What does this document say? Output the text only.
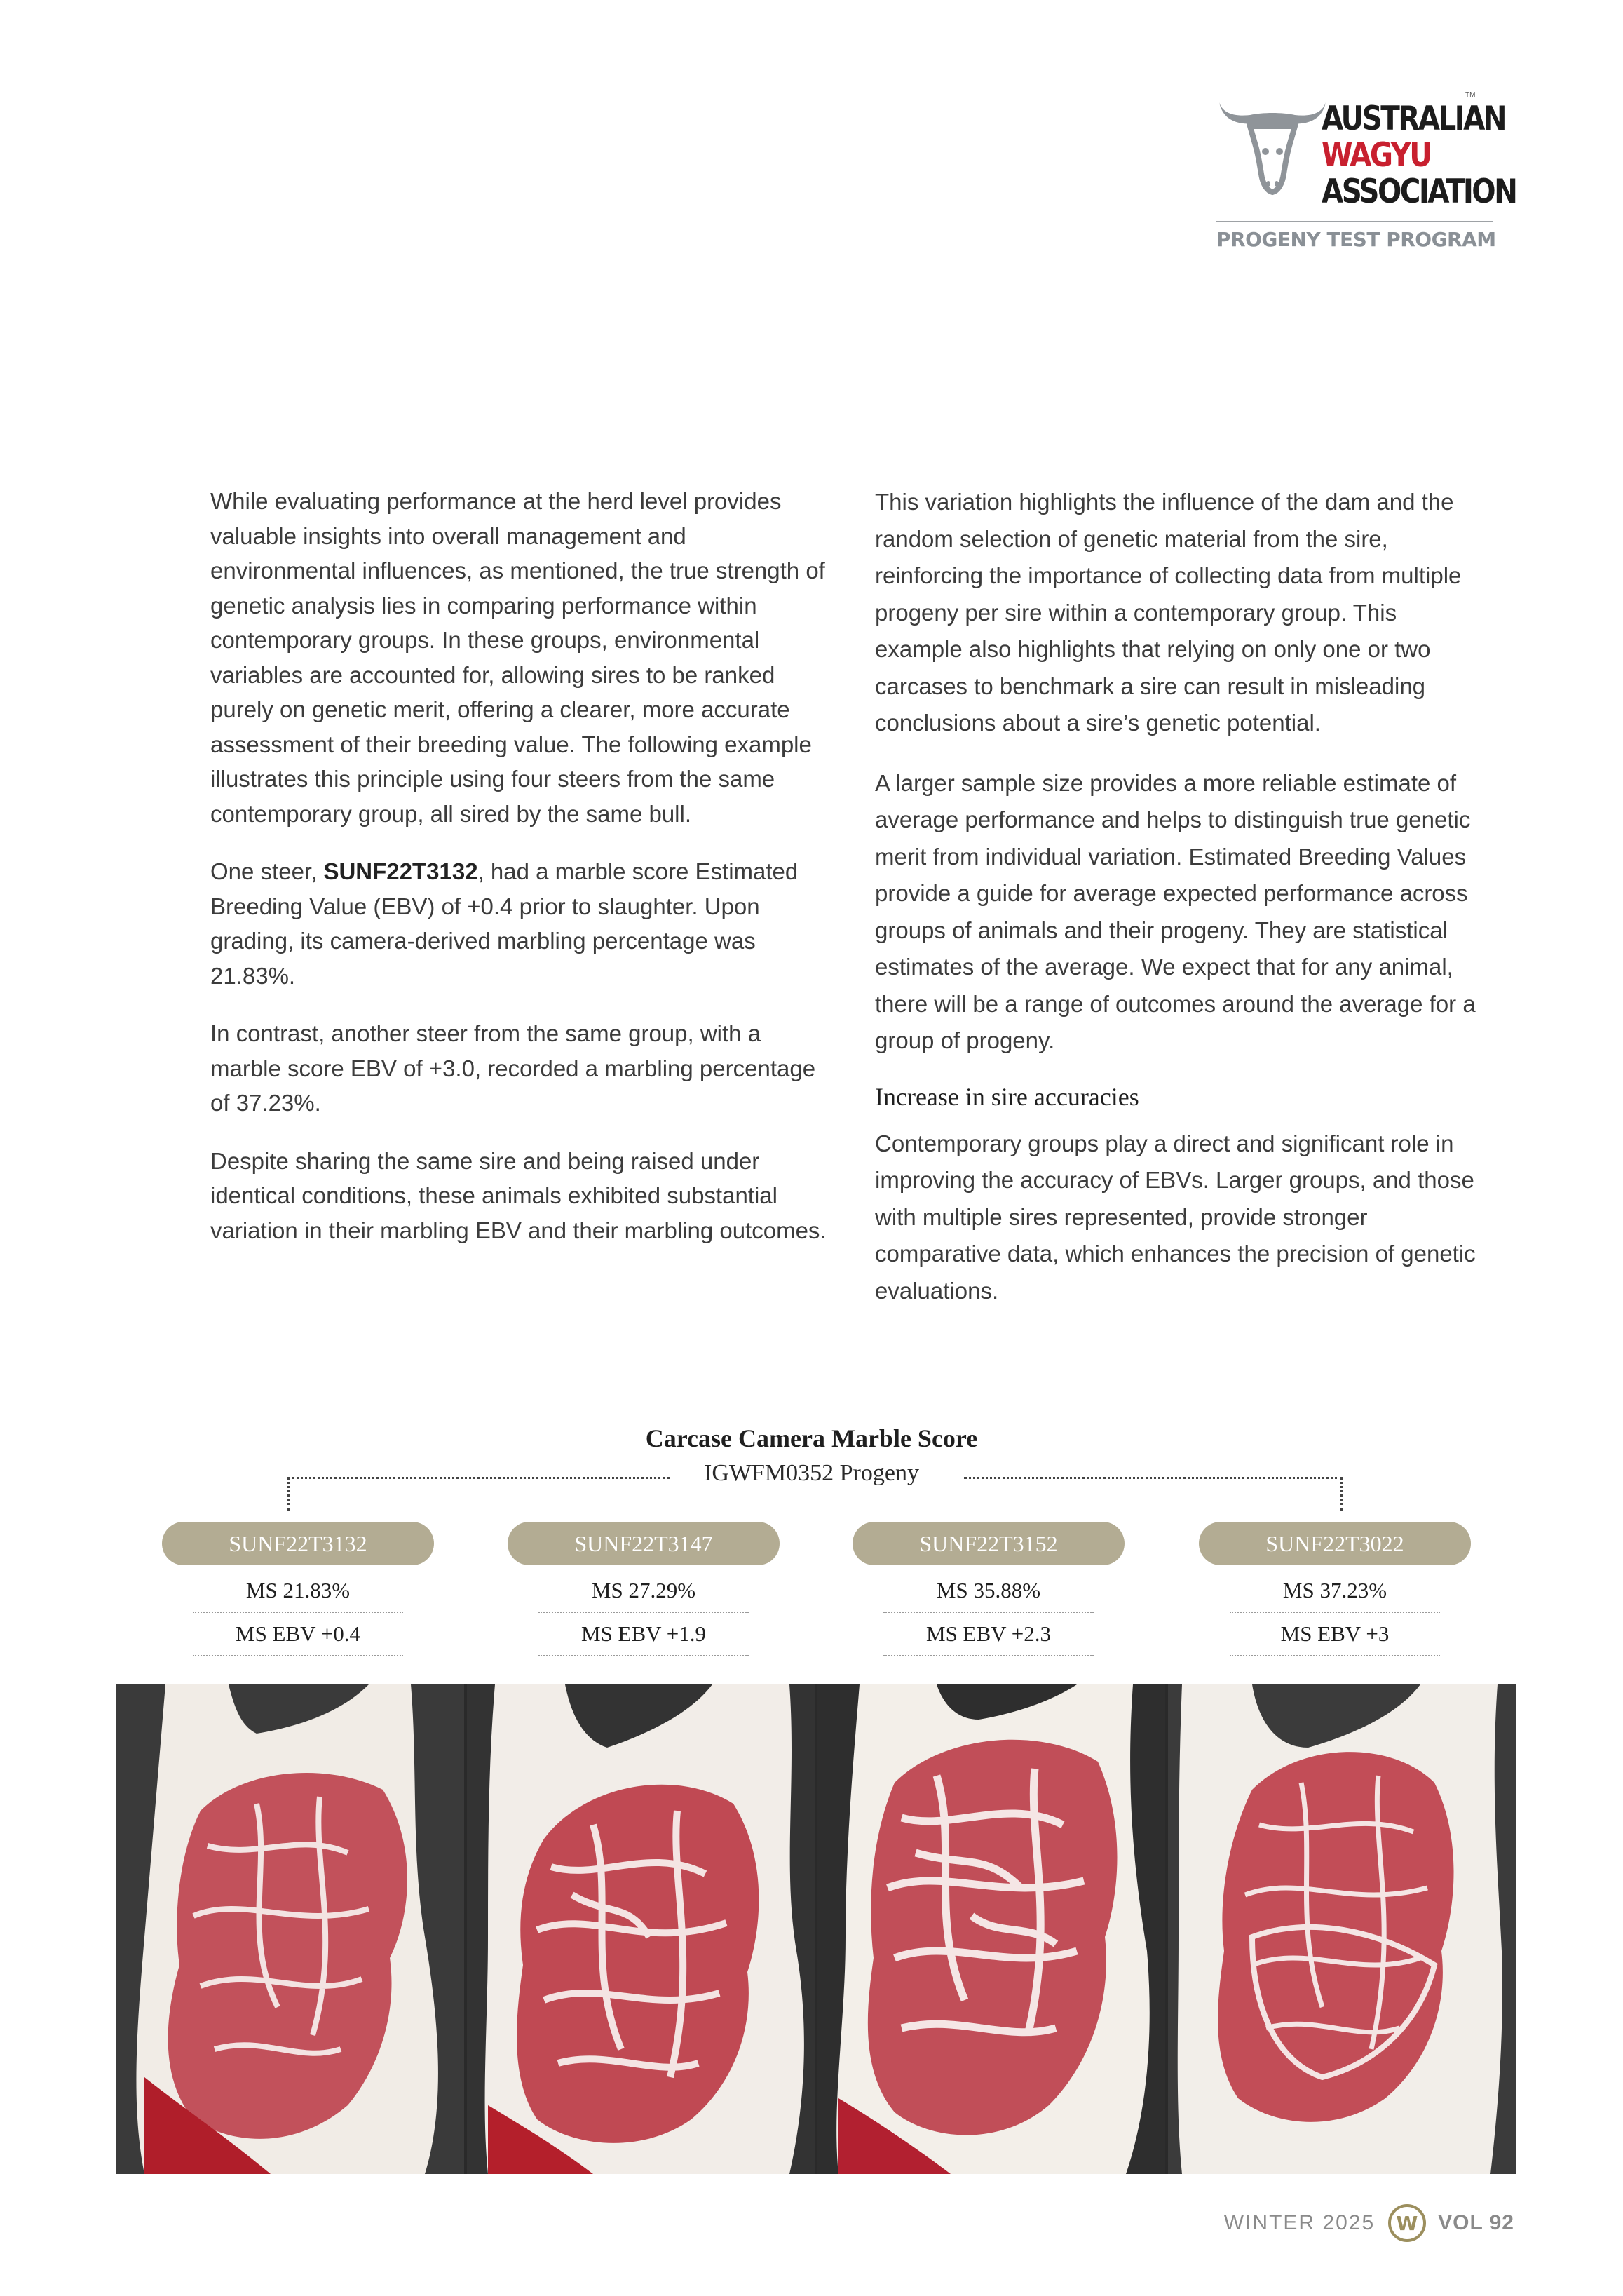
AUSTRALIAN
WAGYU
ASSOCIATION
TM
PROGENY TEST PROGRAM

While evaluating performance at the herd level provides valuable insights into overall management and environmental influences, as mentioned, the true strength of genetic analysis lies in comparing performance within contemporary groups. In these groups, environmental variables are accounted for, allowing sires to be ranked purely on genetic merit, offering a clearer, more accurate assessment of their breeding value. The following example illustrates this principle using four steers from the same contemporary group, all sired by the same bull.

One steer, SUNF22T3132, had a marble score Estimated Breeding Value (EBV) of +0.4 prior to slaughter. Upon grading, its camera-derived marbling percentage was 21.83%.

In contrast, another steer from the same group, with a marble score EBV of +3.0, recorded a marbling percentage of 37.23%.

Despite sharing the same sire and being raised under identical conditions, these animals exhibited substantial variation in their marbling EBV and their marbling outcomes.

This variation highlights the influence of the dam and the random selection of genetic material from the sire, reinforcing the importance of collecting data from multiple progeny per sire within a contemporary group. This example also highlights that relying on only one or two carcases to benchmark a sire can result in misleading conclusions about a sire’s genetic potential.

A larger sample size provides a more reliable estimate of average performance and helps to distinguish true genetic merit from individual variation. Estimated Breeding Values provide a guide for average expected performance across groups of animals and their progeny. They are statistical estimates of the average. We expect that for any animal, there will be a range of outcomes around the average for a group of progeny.

Increase in sire accuracies

Contemporary groups play a direct and significant role in improving the accuracy of EBVs. Larger groups, and those with multiple sires represented, provide stronger comparative data, which enhances the precision of genetic evaluations.

Carcase Camera Marble Score
IGWFM0352 Progeny
SUNF22T3132
MS 21.83%
MS EBV +0.4
SUNF22T3147
MS 27.29%
MS EBV +1.9
SUNF22T3152
MS 35.88%
MS EBV +2.3
SUNF22T3022
MS 37.23%
MS EBV +3
WINTER 2025 W VOL 92
